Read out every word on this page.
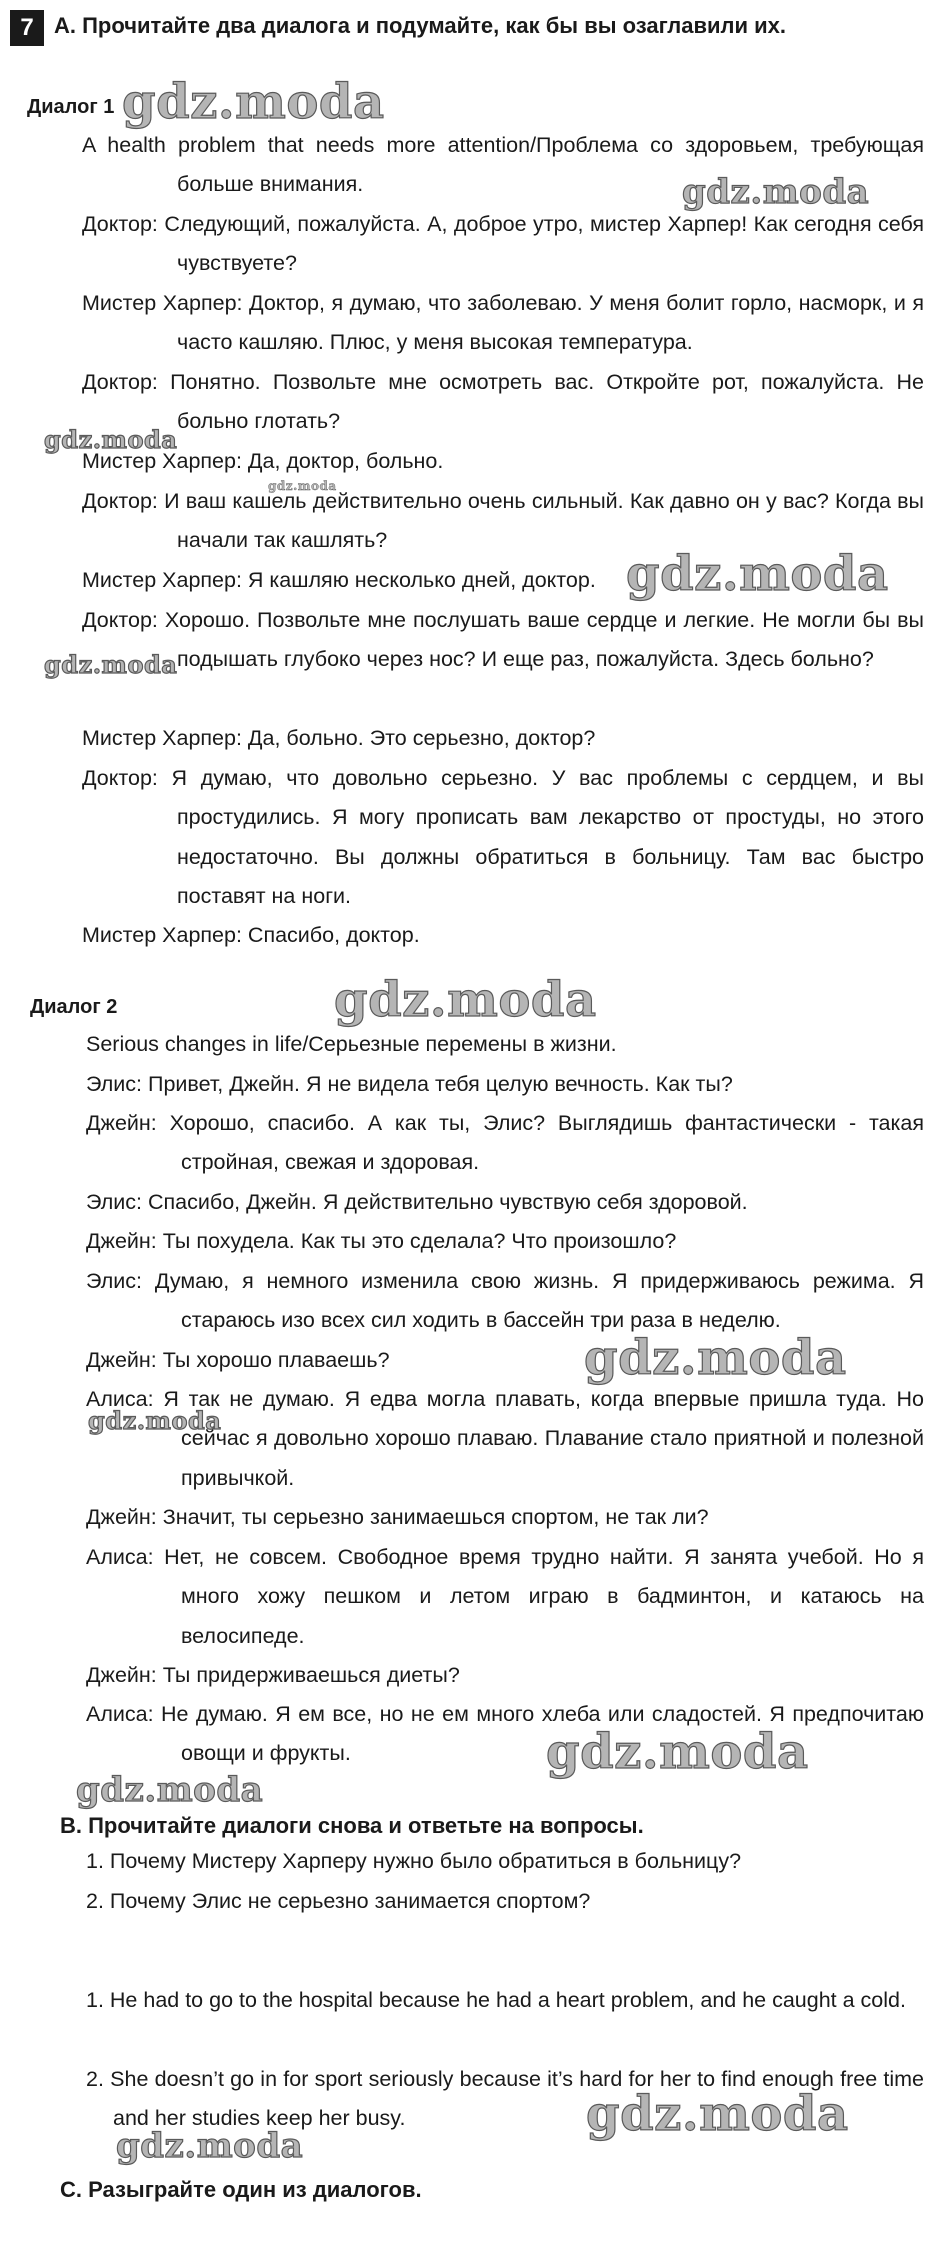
7 A. Прочитайте два диалога и подумайте, как бы вы озаглавили их.
Диалог 1
A health problem that needs more attention/Проблема со здоровьем, требующая больше внимания.
Доктор: Следующий, пожалуйста. А, доброе утро, мистер Харпер! Как сегодня себя чувствуете?
Мистер Харпер: Доктор, я думаю, что заболеваю. У меня болит горло, насморк, и я часто кашляю. Плюс, у меня высокая температура.
Доктор: Понятно. Позвольте мне осмотреть вас. Откройте рот, пожалуйста. Не больно глотать?
Мистер Харпер: Да, доктор, больно.
Доктор: И ваш кашель действительно очень сильный. Как давно он у вас? Когда вы начали так кашлять?
Мистер Харпер: Я кашляю несколько дней, доктор.
Доктор: Хорошо. Позвольте мне послушать ваше сердце и легкие. Не могли бы вы подышать глубоко через нос? И еще раз, пожалуйста. Здесь больно?
Мистер Харпер: Да, больно. Это серьезно, доктор?
Доктор: Я думаю, что довольно серьезно. У вас проблемы с сердцем, и вы простудились. Я могу прописать вам лекарство от простуды, но этого недостаточно. Вы должны обратиться в больницу. Там вас быстро поставят на ноги.
Мистер Харпер: Спасибо, доктор.
Диалог 2
Serious changes in life/Серьезные перемены в жизни.
Элис: Привет, Джейн. Я не видела тебя целую вечность. Как ты?
Джейн: Хорошо, спасибо. А как ты, Элис? Выглядишь фантастически - такая стройная, свежая и здоровая.
Элис: Спасибо, Джейн. Я действительно чувствую себя здоровой.
Джейн: Ты похудела. Как ты это сделала? Что произошло?
Элис: Думаю, я немного изменила свою жизнь. Я придерживаюсь режима. Я стараюсь изо всех сил ходить в бассейн три раза в неделю.
Джейн: Ты хорошо плаваешь?
Алиса: Я так не думаю. Я едва могла плавать, когда впервые пришла туда. Но сейчас я довольно хорошо плаваю. Плавание стало приятной и полезной привычкой.
Джейн: Значит, ты серьезно занимаешься спортом, не так ли?
Алиса: Нет, не совсем. Свободное время трудно найти. Я занята учебой. Но я много хожу пешком и летом играю в бадминтон, и катаюсь на велосипеде.
Джейн: Ты придерживаешься диеты?
Алиса: Не думаю. Я ем все, но не ем много хлеба или сладостей. Я предпочитаю овощи и фрукты.
B. Прочитайте диалоги снова и ответьте на вопросы.
1. Почему Мистеру Харперу нужно было обратиться в больницу?
2. Почему Элис не серьезно занимается спортом?
1. He had to go to the hospital because he had a heart problem, and he caught a cold.
2. She doesn’t go in for sport seriously because it’s hard for her to find enough free time and her studies keep her busy.
C. Разыграйте один из диалогов.
gdz.moda
gdz.moda
gdz.moda
gdz.moda
gdz.moda
gdz.moda
gdz.moda
gdz.moda
gdz.moda
gdz.moda
gdz.moda
gdz.moda
gdz.moda
